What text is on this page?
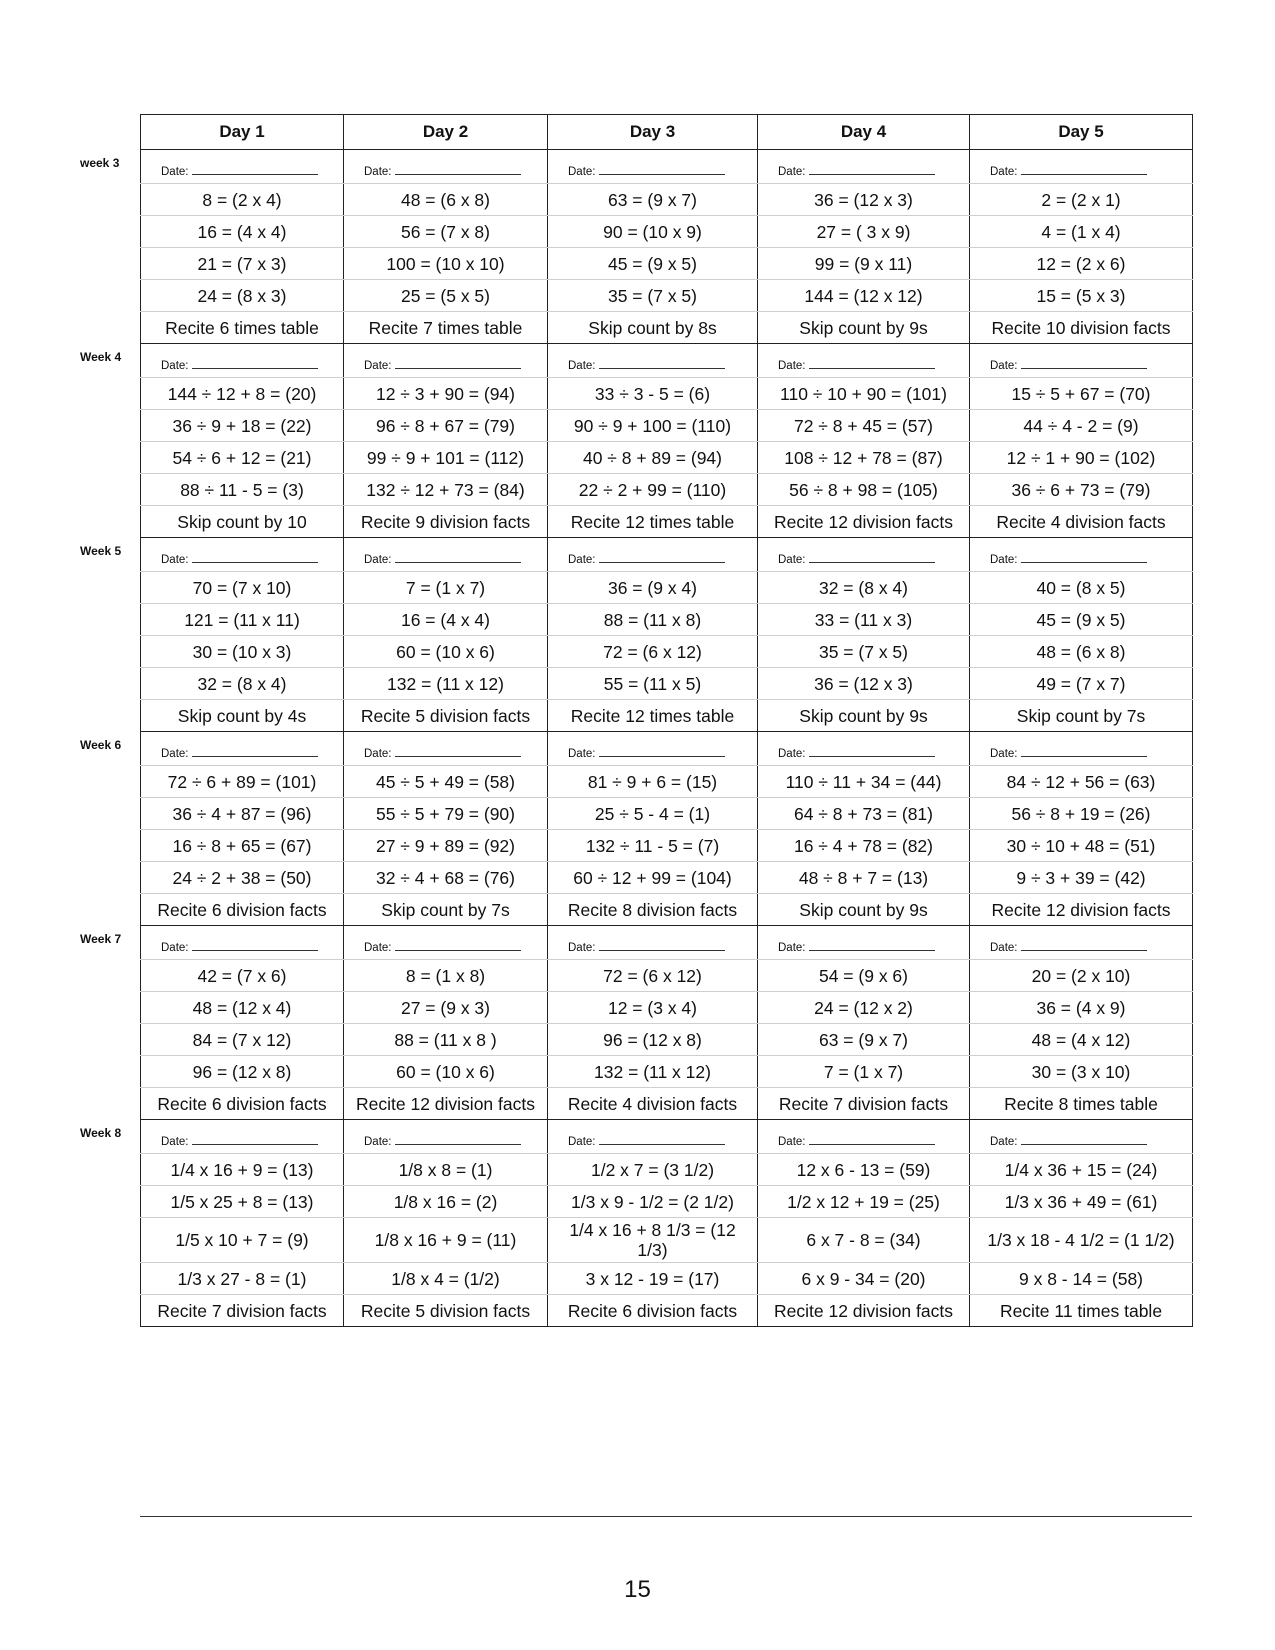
Day 1	Day 2	Day 3	Day 4	Day 5
Date:	Date:	Date:	Date:	Date:
8 = (2 x 4)	48 = (6 x 8)	63 = (9 x 7)	36 = (12 x 3)	2 = (2 x 1)
16 = (4 x 4)	56 = (7 x 8)	90 = (10 x 9)	27 = ( 3 x 9)	4 = (1 x 4)
21 = (7 x 3)	100 = (10 x 10)	45 = (9 x 5)	99 = (9 x 11)	12 = (2 x 6)
24 = (8 x 3)	25 = (5 x 5)	35 = (7 x 5)	144 = (12 x 12)	15 = (5 x 3)
Recite 6 times table	Recite 7 times table	Skip count by 8s	Skip count by 9s	Recite 10 division facts
Date:	Date:	Date:	Date:	Date:
144 ÷ 12 + 8 = (20)	12 ÷ 3 + 90 = (94)	33 ÷ 3 - 5 = (6)	110 ÷ 10 + 90 = (101)	15 ÷ 5 + 67 = (70)
36 ÷ 9 + 18 = (22)	96 ÷ 8 + 67 = (79)	90 ÷ 9 + 100 = (110)	72 ÷ 8 + 45 = (57)	44 ÷ 4 - 2 = (9)
54 ÷ 6 + 12 = (21)	99 ÷ 9 + 101 = (112)	40 ÷ 8 + 89 = (94)	108 ÷ 12 + 78 = (87)	12 ÷ 1 + 90 = (102)
88 ÷ 11 - 5 = (3)	132 ÷ 12 + 73 = (84)	22 ÷ 2 + 99 = (110)	56 ÷ 8 + 98 = (105)	36 ÷ 6 + 73 = (79)
Skip count by 10	Recite 9 division facts	Recite 12 times table	Recite 12 division facts	Recite 4 division facts
Date:	Date:	Date:	Date:	Date:
70 = (7 x 10)	7 = (1 x 7)	36 = (9 x 4)	32 = (8 x 4)	40 = (8 x 5)
121 = (11 x 11)	16 = (4 x 4)	88 = (11 x 8)	33 = (11 x 3)	45 = (9 x 5)
30 = (10 x 3)	60 = (10 x 6)	72 = (6 x 12)	35 = (7 x 5)	48 = (6 x 8)
32 = (8 x 4)	132 = (11 x 12)	55 = (11 x 5)	36 = (12 x 3)	49 = (7 x 7)
Skip count by 4s	Recite 5 division facts	Recite 12 times table	Skip count by 9s	Skip count by 7s
Date:	Date:	Date:	Date:	Date:
72 ÷ 6 + 89 = (101)	45 ÷ 5 + 49 = (58)	81 ÷ 9 + 6 = (15)	110 ÷ 11 + 34 = (44)	84 ÷ 12 + 56 = (63)
36 ÷ 4 + 87 = (96)	55 ÷ 5 + 79 = (90)	25 ÷ 5 - 4 = (1)	64 ÷ 8 + 73 = (81)	56 ÷ 8 + 19 = (26)
16 ÷ 8 + 65 = (67)	27 ÷ 9 + 89 = (92)	132 ÷ 11 - 5 = (7)	16 ÷ 4 + 78 = (82)	30 ÷ 10 + 48 = (51)
24 ÷ 2 + 38 = (50)	32 ÷ 4 + 68 = (76)	60 ÷ 12 + 99 = (104)	48 ÷ 8 + 7 = (13)	9 ÷ 3 + 39 = (42)
Recite 6 division facts	Skip count by 7s	Recite 8 division facts	Skip count by 9s	Recite 12 division facts
Date:	Date:	Date:	Date:	Date:
42 = (7 x 6)	8 = (1 x 8)	72 = (6 x 12)	54 = (9 x 6)	20 = (2 x 10)
48 = (12 x 4)	27 = (9 x 3)	12 = (3 x 4)	24 = (12 x 2)	36 = (4 x 9)
84 = (7 x 12)	88 = (11 x 8 )	96 = (12 x 8)	63 = (9 x 7)	48 = (4 x 12)
96 = (12 x 8)	60 = (10 x 6)	132 = (11 x 12)	7 = (1 x 7)	30 = (3 x 10)
Recite 6 division facts	Recite 12 division facts	Recite 4 division facts	Recite 7 division facts	Recite 8 times table
Date:	Date:	Date:	Date:	Date:
1/4 x 16 + 9 = (13)	1/8 x 8 = (1)	1/2 x 7 = (3 1/2)	12 x 6 - 13 = (59)	1/4 x 36 + 15 = (24)
1/5 x 25 + 8 = (13)	1/8 x 16 = (2)	1/3 x 9 - 1/2 = (2 1/2)	1/2 x 12 + 19 = (25)	1/3 x 36 + 49 = (61)
1/5 x 10 + 7 = (9)	1/8 x 16 + 9 = (11)	1/4 x 16 + 8 1/3 = (12 1/3)	6 x 7 - 8 = (34)	1/3 x 18 - 4 1/2 = (1 1/2)
1/3 x 27 - 8 = (1)	1/8 x 4 = (1/2)	3 x 12 - 19 = (17)	6 x 9 - 34 = (20)	9 x 8 - 14 = (58)
Recite 7 division facts	Recite 5 division facts	Recite 6 division facts	Recite 12 division facts	Recite 11 times table
week 3
Week 4
Week 5
Week 6
Week 7
Week 8
15
